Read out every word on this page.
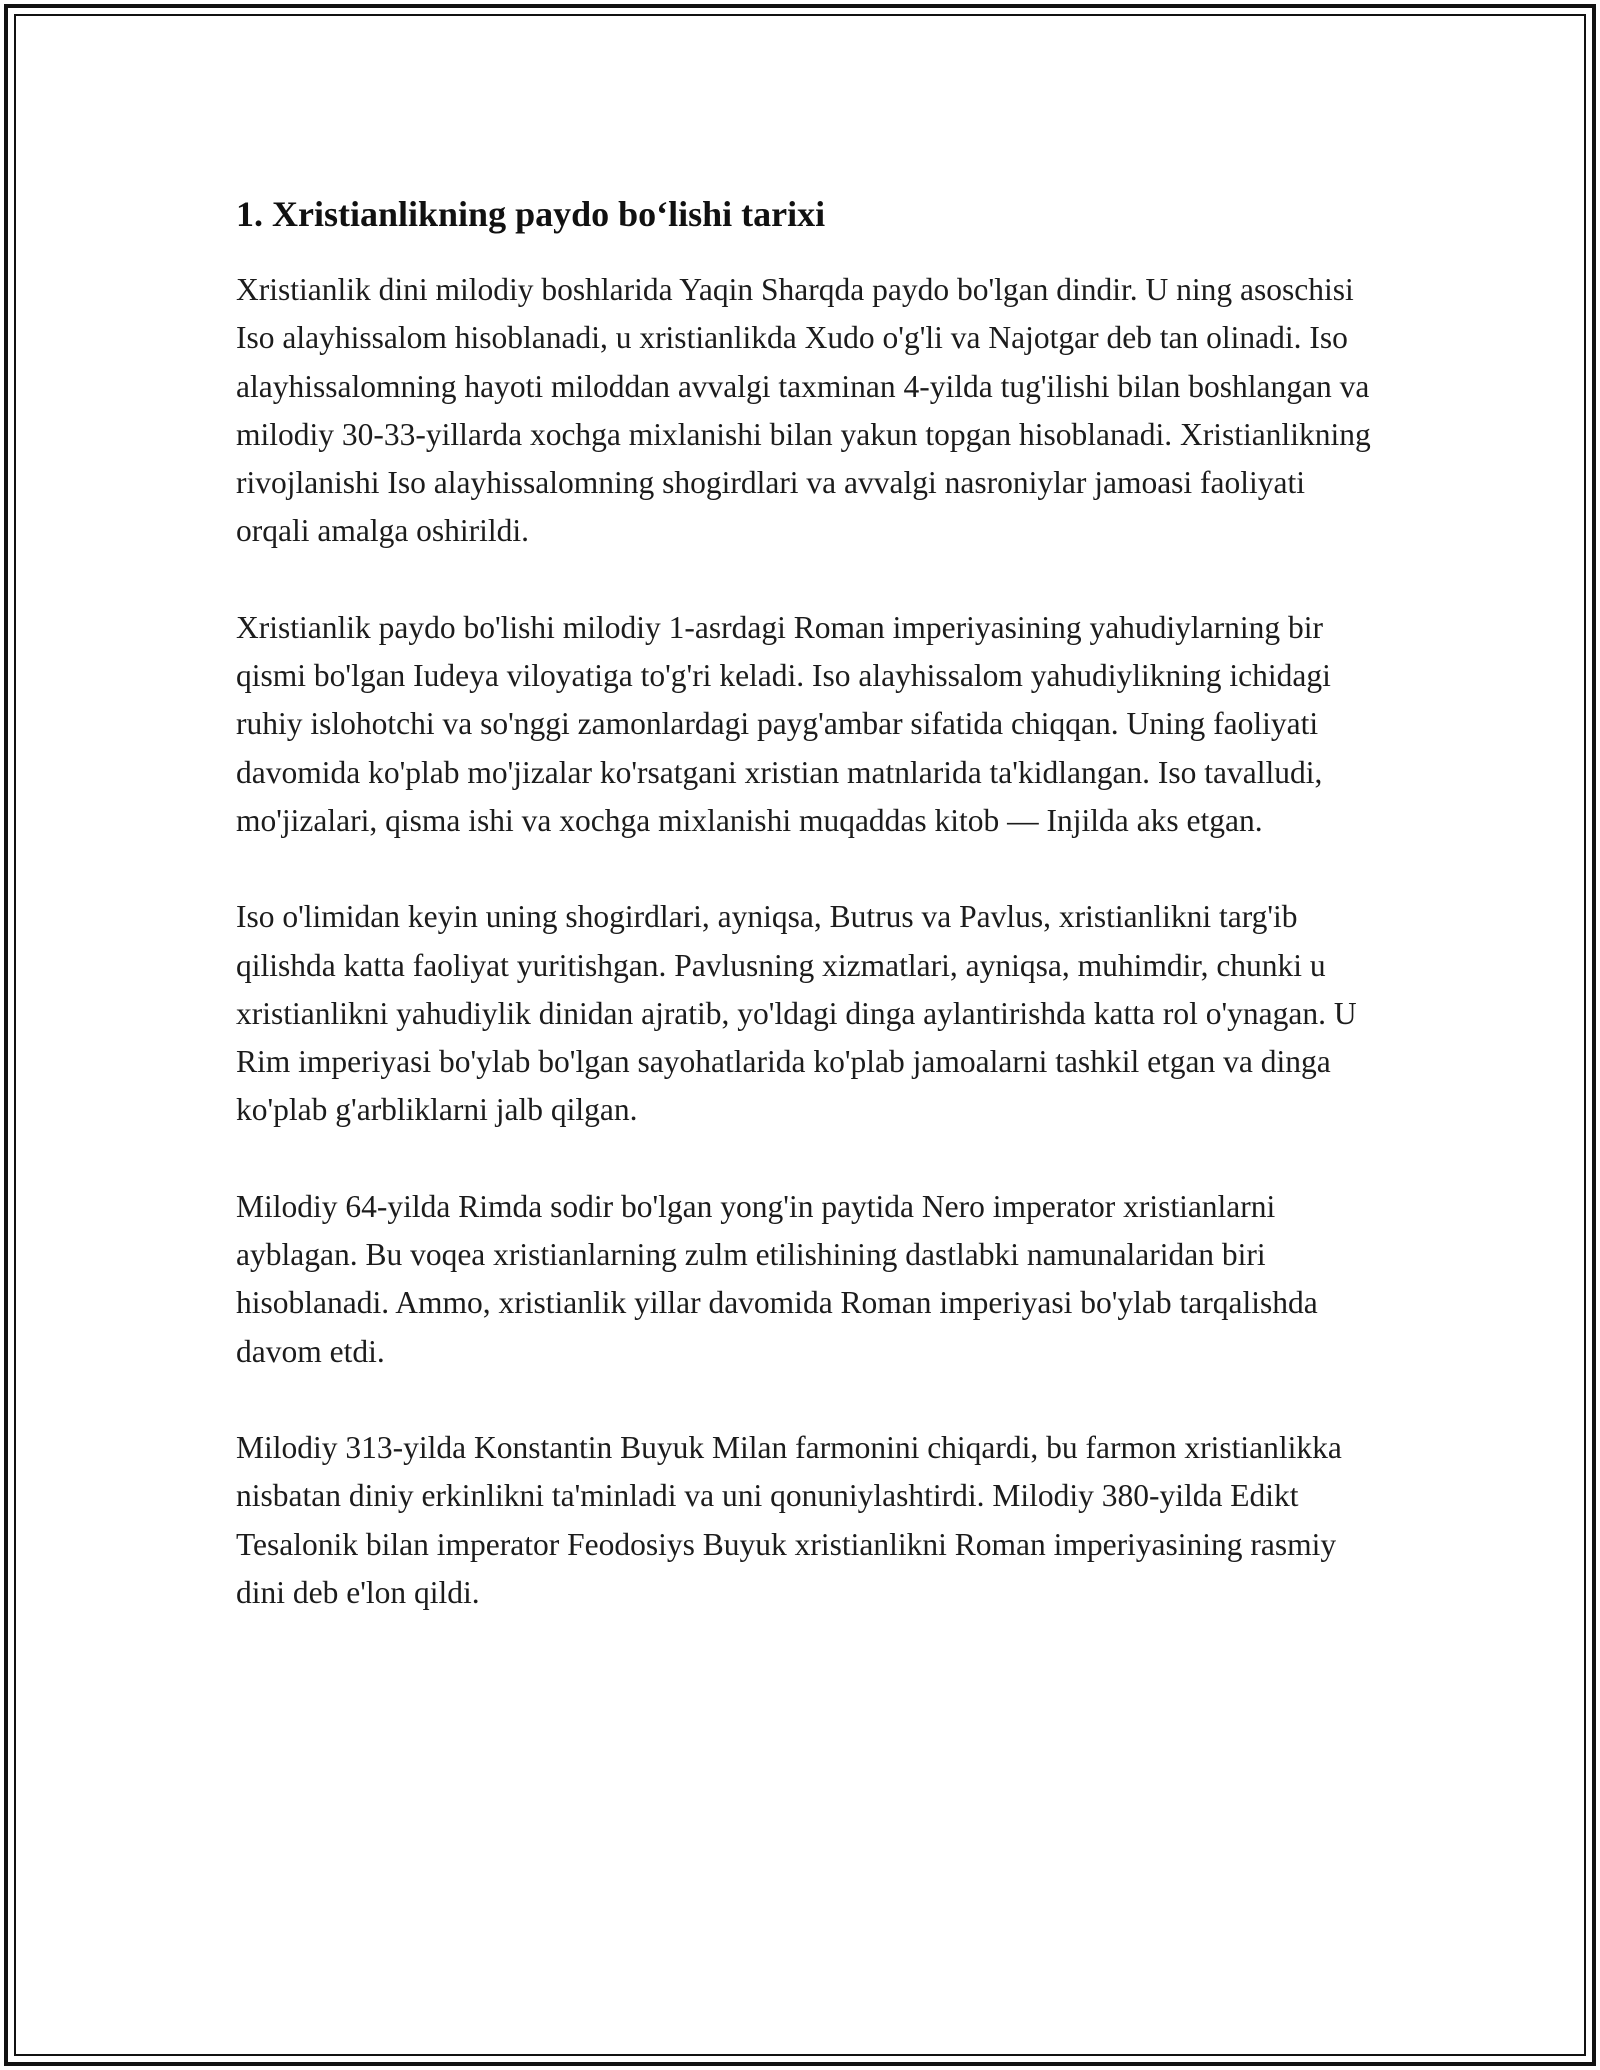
1. Xristianlikning paydo bo‘lishi tarixi

Xristianlik dini milodiy boshlarida Yaqin Sharqda paydo bo'lgan dindir. U ning asoschisi Iso alayhissalom hisoblanadi, u xristianlikda Xudo o'g'li va Najotgar deb tan olinadi. Iso alayhissalomning hayoti miloddan avvalgi taxminan 4-yilda tug'ilishi bilan boshlangan va milodiy 30-33-yillarda xochga mixlanishi bilan yakun topgan hisoblanadi. Xristianlikning rivojlanishi Iso alayhissalomning shogirdlari va avvalgi nasroniylar jamoasi faoliyati orqali amalga oshirildi.

Xristianlik paydo bo'lishi milodiy 1-asrdagi Roman imperiyasining yahudiylarning bir qismi bo'lgan Iudeya viloyatiga to'g'ri keladi. Iso alayhissalom yahudiylikning ichidagi ruhiy islohotchi va so'nggi zamonlardagi payg'ambar sifatida chiqqan. Uning faoliyati davomida ko'plab mo'jizalar ko'rsatgani xristian matnlarida ta'kidlangan. Iso tavalludi, mo'jizalari, qisma ishi va xochga mixlanishi muqaddas kitob — Injilda aks etgan.

Iso o'limidan keyin uning shogirdlari, ayniqsa, Butrus va Pavlus, xristianlikni targ'ib qilishda katta faoliyat yuritishgan. Pavlusning xizmatlari, ayniqsa, muhimdir, chunki u xristianlikni yahudiylik dinidan ajratib, yo'ldagi dinga aylantirishda katta rol o'ynagan. U Rim imperiyasi bo'ylab bo'lgan sayohatlarida ko'plab jamoalarni tashkil etgan va dinga ko'plab g'arbliklarni jalb qilgan.

Milodiy 64-yilda Rimda sodir bo'lgan yong'in paytida Nero imperator xristianlarni ayblagan. Bu voqea xristianlarning zulm etilishining dastlabki namunalaridan biri hisoblanadi. Ammo, xristianlik yillar davomida Roman imperiyasi bo'ylab tarqalishda davom etdi.

Milodiy 313-yilda Konstantin Buyuk Milan farmonini chiqardi, bu farmon xristianlikka nisbatan diniy erkinlikni ta'minladi va uni qonuniylashtirdi. Milodiy 380-yilda Edikt Tesalonik bilan imperator Feodosiys Buyuk xristianlikni Roman imperiyasining rasmiy dini deb e'lon qildi.
